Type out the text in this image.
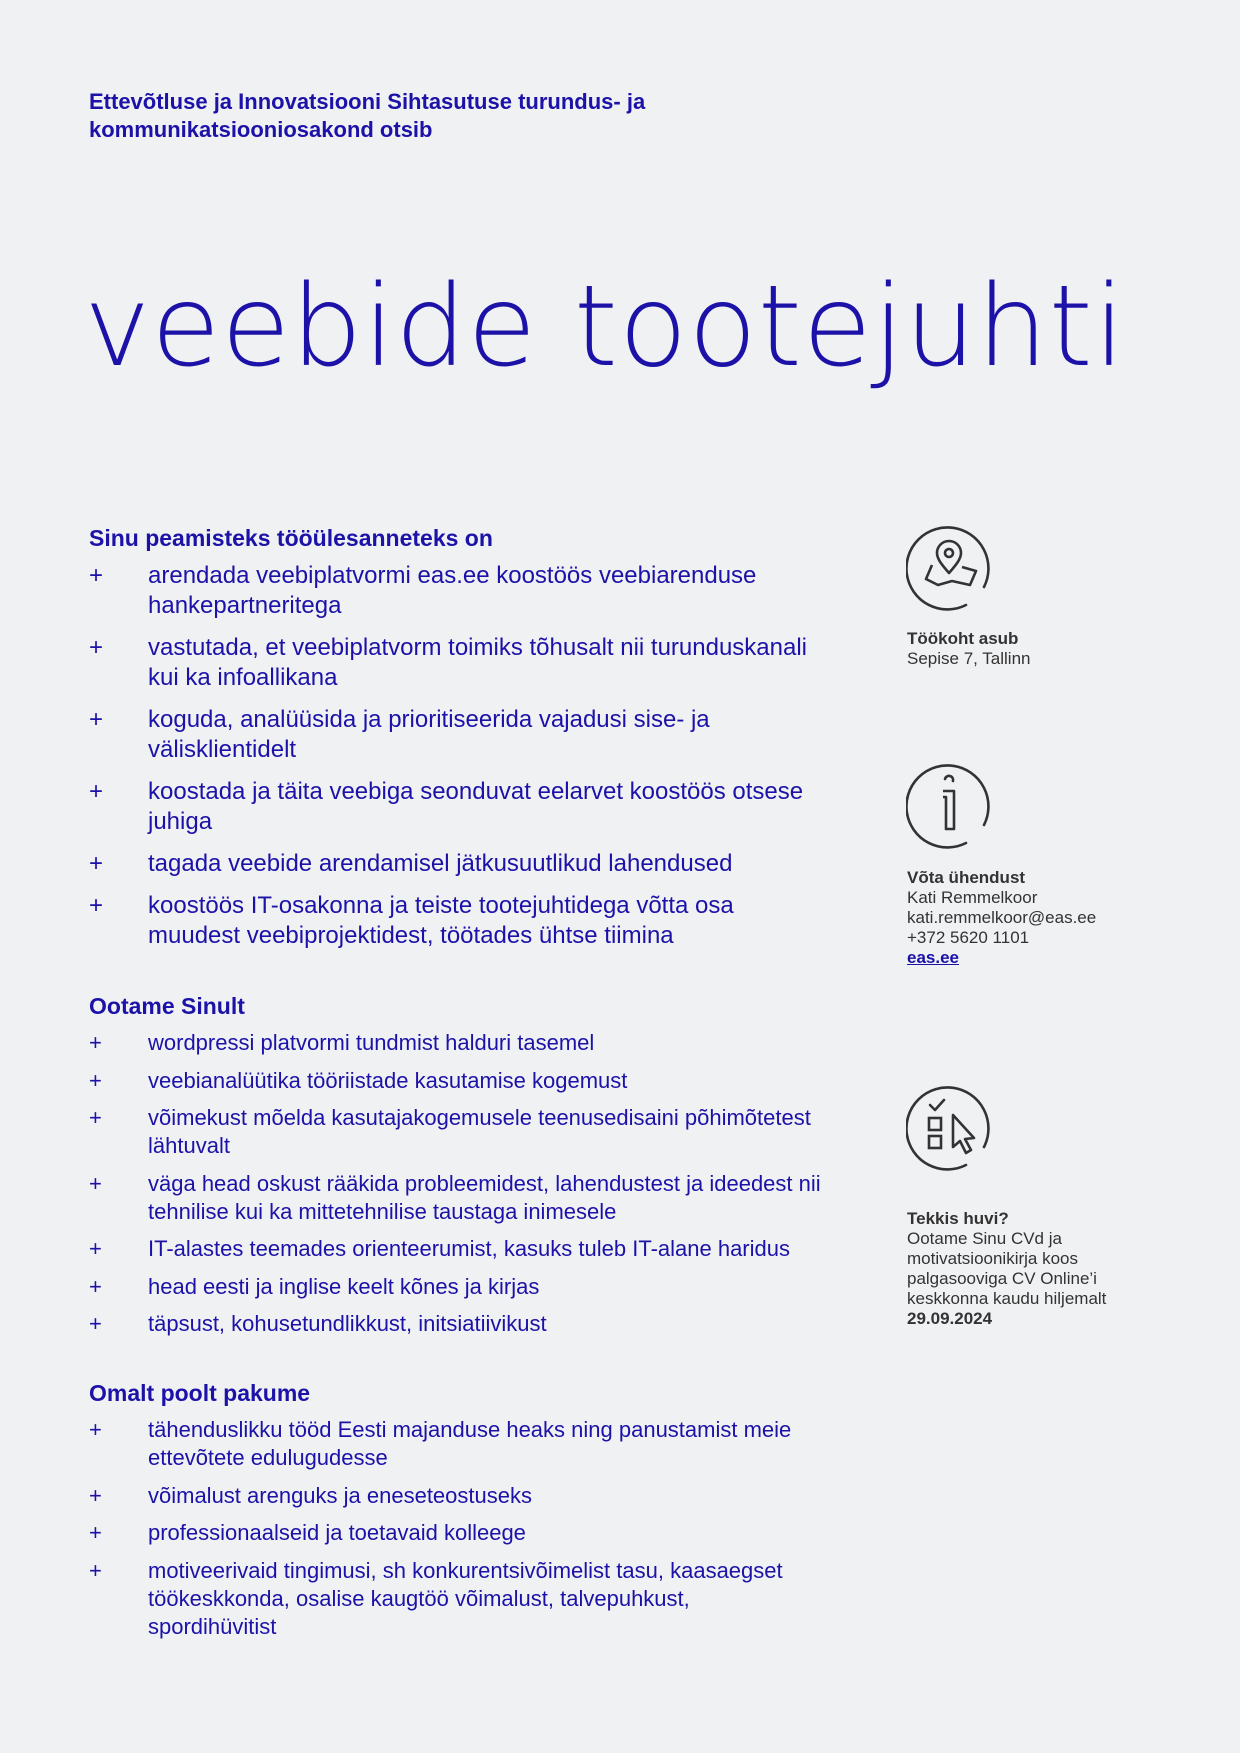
Ettevõtluse ja Innovatsiooni Sihtasutuse turundus- ja
kommunikatsiooniosakond otsib
veebide tootejuhti
Sinu peamisteks tööülesanneteks on
+ arendada veebiplatvormi eas.ee koostöös veebiarenduse
hankepartneritega
+ vastutada, et veebiplatvorm toimiks tõhusalt nii turunduskanali
kui ka infoallikana
+ koguda, analüüsida ja prioritiseerida vajadusi sise- ja
välisklientidelt
+ koostada ja täita veebiga seonduvat eelarvet koostöös otsese
juhiga
+ tagada veebide arendamisel jätkusuutlikud lahendused
+ koostöös IT-osakonna ja teiste tootejuhtidega võtta osa
muudest veebiprojektidest, töötades ühtse tiimina
Ootame Sinult
+ wordpressi platvormi tundmist halduri tasemel
+ veebianalüütika tööriistade kasutamise kogemust
+ võimekust mõelda kasutajakogemusele teenusedisaini põhimõtetest
lähtuvalt
+ väga head oskust rääkida probleemidest, lahendustest ja ideedest nii
tehnilise kui ka mittetehnilise taustaga inimesele
+ IT-alastes teemades orienteerumist, kasuks tuleb IT-alane haridus
+ head eesti ja inglise keelt kõnes ja kirjas
+ täpsust, kohusetundlikkust, initsiatiivikust
Omalt poolt pakume
+ tähenduslikku tööd Eesti majanduse heaks ning panustamist meie
ettevõtete edulugudesse
+ võimalust arenguks ja eneseteostuseks
+ professionaalseid ja toetavaid kolleege
+ motiveerivaid tingimusi, sh konkurentsivõimelist tasu, kaasaegset
töökeskkonda, osalise kaugtöö võimalust, talvepuhkust,
spordihüvitist
Töökoht asub
Sepise 7, Tallinn
Võta ühendust
Kati Remmelkoor
kati.remmelkoor@eas.ee
+372 5620 1101
eas.ee
Tekkis huvi?
Ootame Sinu CVd ja
motivatsioonikirja koos
palgasooviga CV Online’i
keskkonna kaudu hiljemalt
29.09.2024
